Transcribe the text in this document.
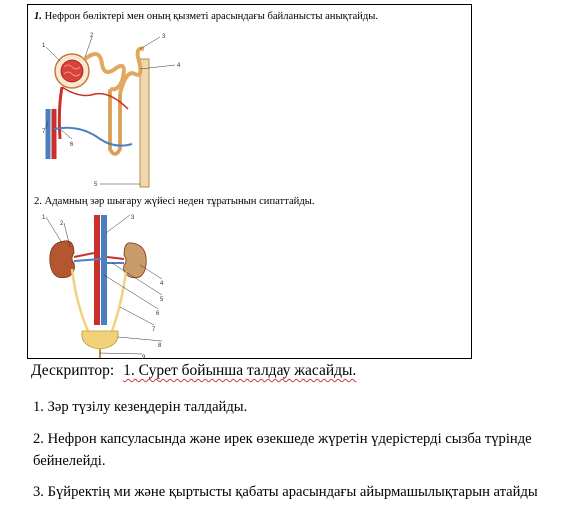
1. Нефрон бөліктері мен оның қызметі арасындағы байланысты анықтайды.
1
2	3
4
5
6
7
2. Адамның зәр шығару жүйесі неден тұратынын сипаттайды.
1
2
3
4
5
6
7
8
9
Дескриптор: 1. Сурет бойынша талдау жасайды.
1. Зәр түзілу кезеңдерін талдайды.
2. Нефрон капсуласында және ирек өзекшеде жүретін үдерістерді сызба түрінде бейнелейді.
3. Бүйректің ми және қыртысты қабаты арасындағы айырмашылықтарын атайды
